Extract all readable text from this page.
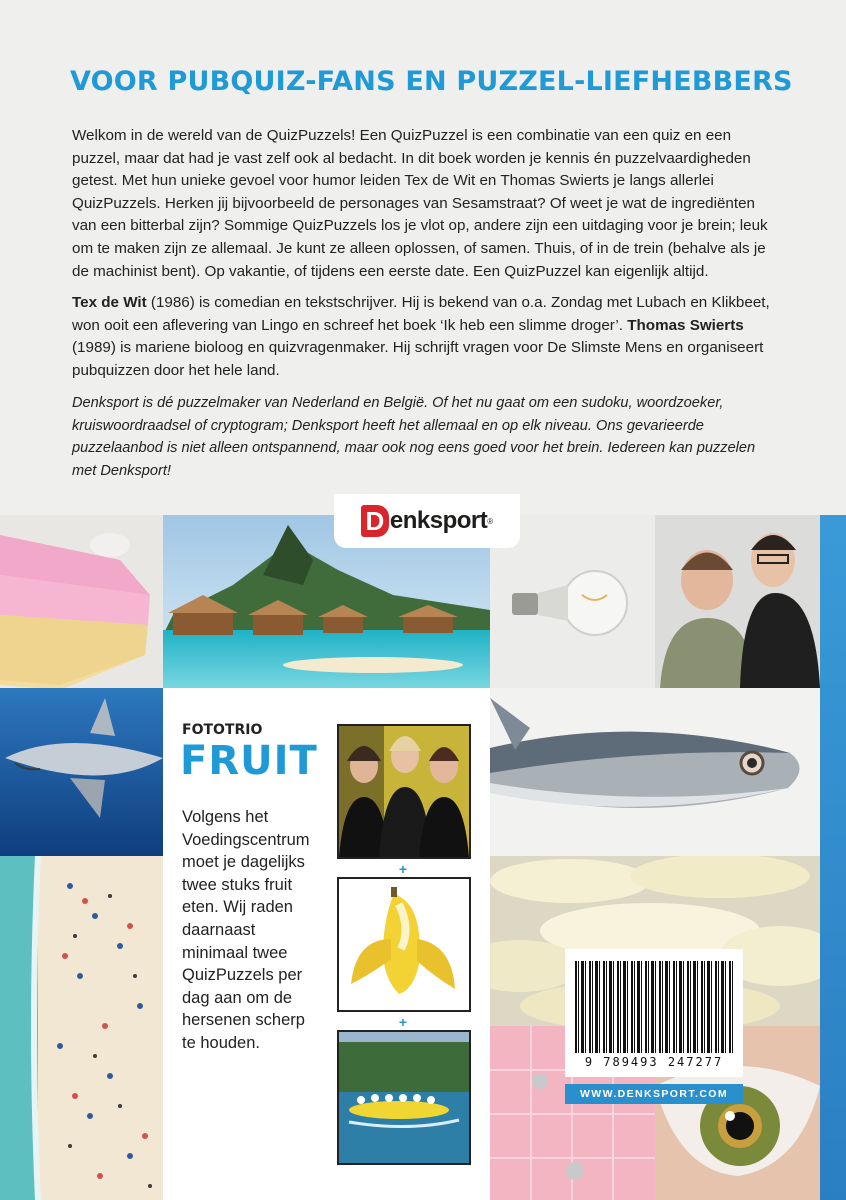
VOOR PUBQUIZ-FANS EN PUZZEL-LIEFHEBBERS

Welkom in de wereld van de QuizPuzzels! Een QuizPuzzel is een combinatie van een quiz en een puzzel, maar dat had je vast zelf ook al bedacht. In dit boek worden je kennis én puzzelvaardigheden getest. Met hun unieke gevoel voor humor leiden Tex de Wit en Thomas Swierts je langs allerlei QuizPuzzels. Herken jij bijvoorbeeld de personages van Sesamstraat? Of weet je wat de ingrediënten van een bitterbal zijn? Sommige QuizPuzzels los je vlot op, andere zijn een uitdaging voor je brein; leuk om te maken zijn ze allemaal. Je kunt ze alleen oplossen, of samen. Thuis, of in de trein (behalve als je de machinist bent). Op vakantie, of tijdens een eerste date. Een QuizPuzzel kan eigenlijk altijd.

Tex de Wit (1986) is comedian en tekstschrijver. Hij is bekend van o.a. Zondag met Lubach en Klikbeet, won ooit een aflevering van Lingo en schreef het boek ‘Ik heb een slimme droger’. Thomas Swierts (1989) is mariene bioloog en quizvragenmaker. Hij schrijft vragen voor De Slimste Mens en organiseert pubquizzen door het hele land.

Denksport is dé puzzelmaker van Nederland en België. Of het nu gaat om een sudoku, woordzoeker, kruiswoordraadsel of cryptogram; Denksport heeft het allemaal en op elk niveau. Ons gevarieerde puzzelaanbod is niet alleen ontspannend, maar ook nog eens goed voor het brein. Iedereen kan puzzelen met Denksport!

D enksport ®
FOTOTRIO
FRUIT

Volgens het Voedingscentrum moet je dagelijks twee stuks fruit eten. Wij raden daarnaast minimaal twee QuizPuzzels per dag aan om de hersenen scherp te houden.

+
+
9 789493 247277
WWW.DENKSPORT.COM
